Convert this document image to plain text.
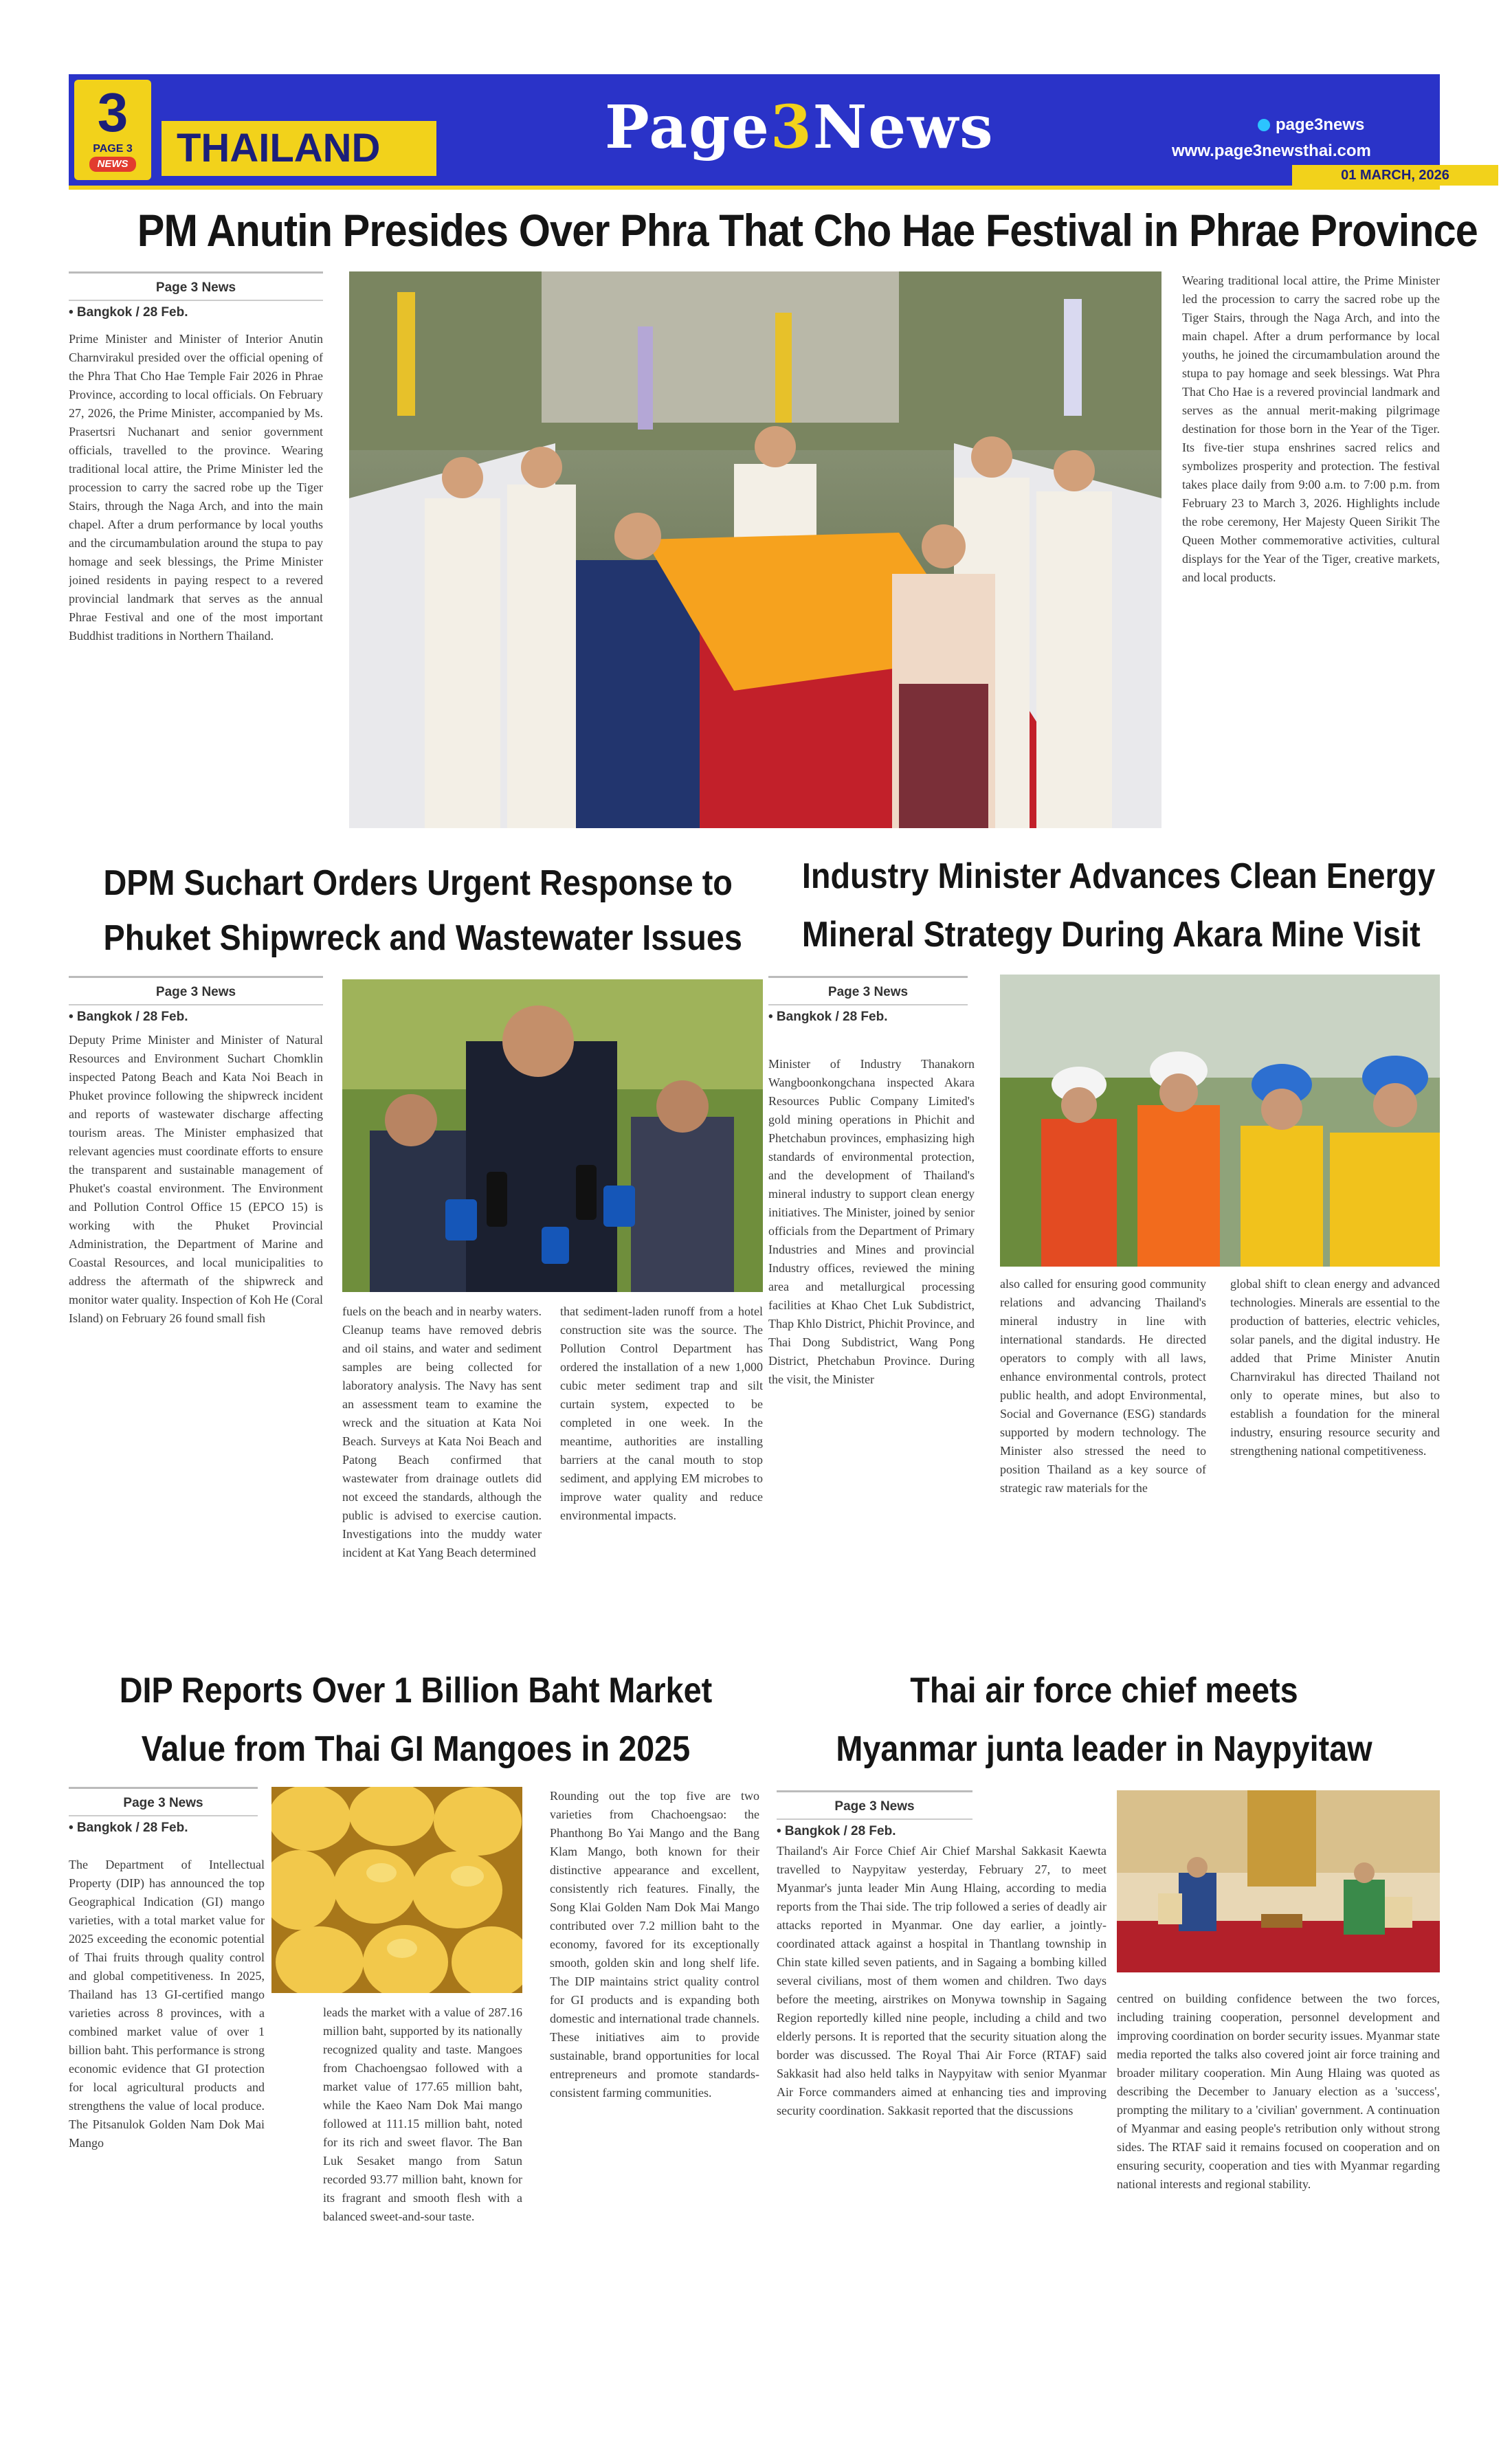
3
PAGE 3
NEWS	THAILAND	Page3News	page3news
www.page3newsthai.com 3
01 MARCH, 2026
PM Anutin Presides Over Phra That Cho Hae Festival in Phrae Province
Page 3 News
• Bangkok / 28 Feb.
Prime Minister and Minister of Interior Anutin Charnvirakul presided over the official opening of the Phra That Cho Hae Temple Fair 2026 in Phrae Province, according to local officials. On February 27, 2026, the Prime Minister, accompanied by Ms. Prasertsri Nuchanart and senior government officials, travelled to the province. Wearing traditional local attire, the Prime Minister led the procession to carry the sacred robe up the Tiger Stairs, through the Naga Arch, and into the main chapel. After a drum performance by local youths and the circumambulation around the stupa to pay homage and seek blessings, the Prime Minister joined residents in paying respect to a revered provincial landmark that serves as the annual Phrae Festival and one of the most important Buddhist traditions in Northern Thailand.
Wearing traditional local attire, the Prime Minister led the procession to carry the sacred robe up the Tiger Stairs, through the Naga Arch, and into the main chapel. After a drum performance by local youths, he joined the circumambulation around the stupa to pay homage and seek blessings. Wat Phra That Cho Hae is a revered provincial landmark and serves as the annual merit-making pilgrimage destination for those born in the Year of the Tiger. Its five-tier stupa enshrines sacred relics and symbolizes prosperity and protection. The festival takes place daily from 9:00 a.m. to 7:00 p.m. from February 23 to March 3, 2026. Highlights include the robe ceremony, Her Majesty Queen Sirikit The Queen Mother commemorative activities, cultural displays for the Year of the Tiger, creative markets, and local products.
DPM Suchart Orders Urgent Response to
Phuket Shipwreck and Wastewater Issues
Page 3 News
• Bangkok / 28 Feb.
Deputy Prime Minister and Minister of Natural Resources and Environment Suchart Chomklin inspected Patong Beach and Kata Noi Beach in Phuket province following the shipwreck incident and reports of wastewater discharge affecting tourism areas. The Minister emphasized that relevant agencies must coordinate efforts to ensure the transparent and sustainable management of Phuket's coastal environment. The Environment and Pollution Control Office 15 (EPCO 15) is working with the Phuket Provincial Administration, the Department of Marine and Coastal Resources, and local municipalities to address the aftermath of the shipwreck and monitor water quality. Inspection of Koh He (Coral Island) on February 26 found small fish	fuels on the beach and in nearby waters. Cleanup teams have removed debris and oil stains, and water and sediment samples are being collected for laboratory analysis. The Navy has sent an assessment team to examine the wreck and the situation at Kata Noi Beach. Surveys at Kata Noi Beach and Patong Beach confirmed that wastewater from drainage outlets did not exceed the standards, although the public is advised to exercise caution. Investigations into the muddy water incident at Kat Yang Beach determined
that sediment-laden runoff from a hotel construction site was the source. The Pollution Control Department has ordered the installation of a new 1,000 cubic meter sediment trap and silt curtain system, expected to be completed in one week. In the meantime, authorities are installing barriers at the canal mouth to stop sediment, and applying EM microbes to improve water quality and reduce environmental impacts.
Industry Minister Advances Clean Energy
Mineral Strategy During Akara Mine Visit
Page 3 News
• Bangkok / 28 Feb.
Minister of Industry Thanakorn Wangboonkongchana inspected Akara Resources Public Company Limited's gold mining operations in Phichit and Phetchabun provinces, emphasizing high standards of environmental protection, and the development of Thailand's mineral industry to support clean energy initiatives. The Minister, joined by senior officials from the Department of Primary Industries and Mines and provincial Industry offices, reviewed the mining area and metallurgical processing facilities at Khao Chet Luk Subdistrict, Thap Khlo District, Phichit Province, and Thai Dong Subdistrict, Wang Pong District, Phetchabun Province. During the visit, the Minister
also called for ensuring good community relations and advancing Thailand's mineral industry in line with international standards. He directed operators to comply with all laws, enhance environmental controls, protect public health, and adopt Environmental, Social and Governance (ESG) standards supported by modern technology. The Minister also stressed the need to position Thailand as a key source of strategic raw materials for the
global shift to clean energy and advanced technologies. Minerals are essential to the production of batteries, electric vehicles, solar panels, and the digital industry. He added that Prime Minister Anutin Charnvirakul has directed Thailand not only to operate mines, but also to establish a foundation for the mineral industry, ensuring resource security and strengthening national competitiveness.
DIP Reports Over 1 Billion Baht Market
Value from Thai GI Mangoes in 2025
Page 3 News
• Bangkok / 28 Feb.
The Department of Intellectual Property (DIP) has announced the top Geographical Indication (GI) mango varieties, with a total market value for 2025 exceeding the economic potential of Thai fruits through quality control and global competitiveness. In 2025, Thailand has 13 GI-certified mango varieties across 8 provinces, with a combined market value of over 1 billion baht. This performance is strong economic evidence that GI protection for local agricultural products and strengthens the value of local produce. The Pitsanulok Golden Nam Dok Mai Mango
leads the market with a value of 287.16 million baht, supported by its nationally recognized quality and taste. Mangoes from Chachoengsao followed with a market value of 177.65 million baht, while the Kaeo Nam Dok Mai mango followed at 111.15 million baht, noted for its rich and sweet flavor. The Ban Luk Sesaket mango from Satun recorded 93.77 million baht, known for its fragrant and smooth flesh with a balanced sweet-and-sour taste.
Rounding out the top five are two varieties from Chachoengsao: the Phanthong Bo Yai Mango and the Bang Klam Mango, both known for their distinctive appearance and excellent, consistently rich features. Finally, the Song Klai Golden Nam Dok Mai Mango contributed over 7.2 million baht to the economy, favored for its exceptionally smooth, golden skin and long shelf life. The DIP maintains strict quality control for GI products and is expanding both domestic and international trade channels. These initiatives aim to provide sustainable, brand opportunities for local entrepreneurs and promote standards-consistent farming communities.
Thai air force chief meets
Myanmar junta leader in Naypyitaw
Page 3 News
• Bangkok / 28 Feb.
Thailand's Air Force Chief Air Chief Marshal Sakkasit Kaewta travelled to Naypyitaw yesterday, February 27, to meet Myanmar's junta leader Min Aung Hlaing, according to media reports from the Thai side. The trip followed a series of deadly air attacks reported in Myanmar. One day earlier, a jointly-coordinated attack against a hospital in Thantlang township in Chin state killed seven patients, and in Sagaing a bombing killed several civilians, most of them women and children. Two days before the meeting, airstrikes on Monywa township in Sagaing Region reportedly killed nine people, including a child and two elderly persons. It is reported that the security situation along the border was discussed. The Royal Thai Air Force (RTAF) said Sakkasit had also held talks in Naypyitaw with senior Myanmar Air Force commanders aimed at enhancing ties and improving security coordination. Sakkasit reported that the discussions
centred on building confidence between the two forces, including training cooperation, personnel development and improving coordination on border security issues. Myanmar state media reported the talks also covered joint air force training and broader military cooperation. Min Aung Hlaing was quoted as describing the December to January election as a 'success', prompting the military to a 'civilian' government. A continuation of Myanmar and easing people's retribution only without strong sides. The RTAF said it remains focused on cooperation and on ensuring security, cooperation and ties with Myanmar regarding national interests and regional stability.
